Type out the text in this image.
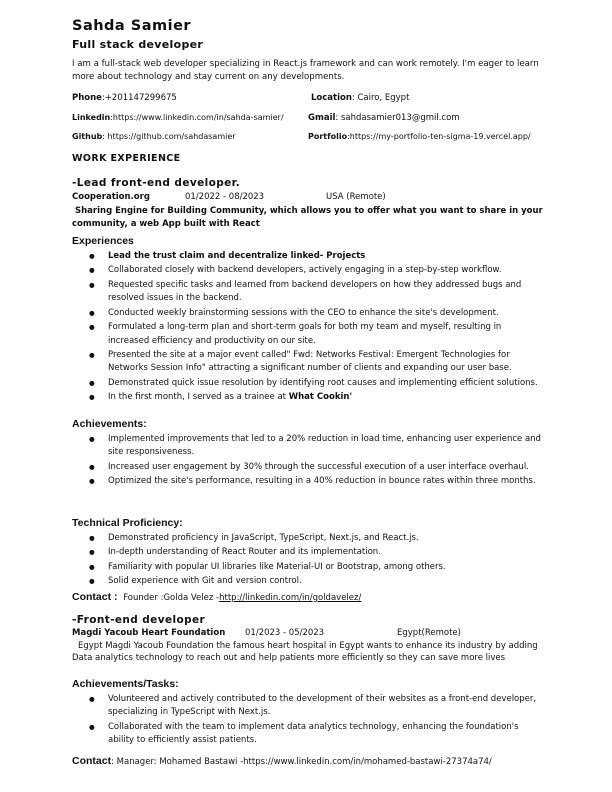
Sahda Samier
Full stack developer
I am a full-stack web developer specializing in React.js framework and can work remotely. I'm eager to learn more about technology and stay current on any developments.
Phone:+201147299675	Location: Cairo, Egypt
Linkedin:https://www.linkedin.com/in/sahda-samier/	Gmail: sahdasamier013@gmil.com
Github: https://github.com/sahdasamier	Portfolio:https://my-portfolio-ten-sigma-19.vercel.app/
WORK EXPERIENCE
-Lead front-end developer.
Cooperation.org	01/2022 - 08/2023	USA (Remote)
Sharing Engine for Building Community, which allows you to offer what you want to share in your community, a web App built with React
Experiences
● Lead the trust claim and decentralize linked- Projects
● Collaborated closely with backend developers, actively engaging in a step-by-step workflow.
● Requested specific tasks and learned from backend developers on how they addressed bugs and resolved issues in the backend.
● Conducted weekly brainstorming sessions with the CEO to enhance the site's development.
● Formulated a long-term plan and short-term goals for both my team and myself, resulting in increased efficiency and productivity on our site.
● Presented the site at a major event called" Fwd: Networks Festival: Emergent Technologies for Networks Session Info" attracting a significant number of clients and expanding our user base.
● Demonstrated quick issue resolution by identifying root causes and implementing efficient solutions.
● In the first month, I served as a trainee at What Cookin'
Achievements:
● Implemented improvements that led to a 20% reduction in load time, enhancing user experience and site responsiveness.
● Increased user engagement by 30% through the successful execution of a user interface overhaul.
● Optimized the site's performance, resulting in a 40% reduction in bounce rates within three months.
Technical Proficiency:
● Demonstrated proficiency in JavaScript, TypeScript, Next.js, and React.js.
● In-depth understanding of React Router and its implementation.
● Familiarity with popular UI libraries like Material-UI or Bootstrap, among others.
● Solid experience with Git and version control.
Contact : Founder :Golda Velez -http://linkedin.com/in/goldavelez/
-Front-end developer
Magdi Yacoub Heart Foundation 01/2023 - 05/2023	Egypt(Remote)
Egypt Magdi Yacoub Foundation the famous heart hospital in Egypt wants to enhance its industry by adding Data analytics technology to reach out and help patients more efficiently so they can save more lives
Achievements/Tasks:
● Volunteered and actively contributed to the development of their websites as a front-end developer, specializing in TypeScript with Next.js.
● Collaborated with the team to implement data analytics technology, enhancing the foundation's ability to efficiently assist patients.
Contact: Manager: Mohamed Bastawi -https://www.linkedin.com/in/mohamed-bastawi-27374a74/
